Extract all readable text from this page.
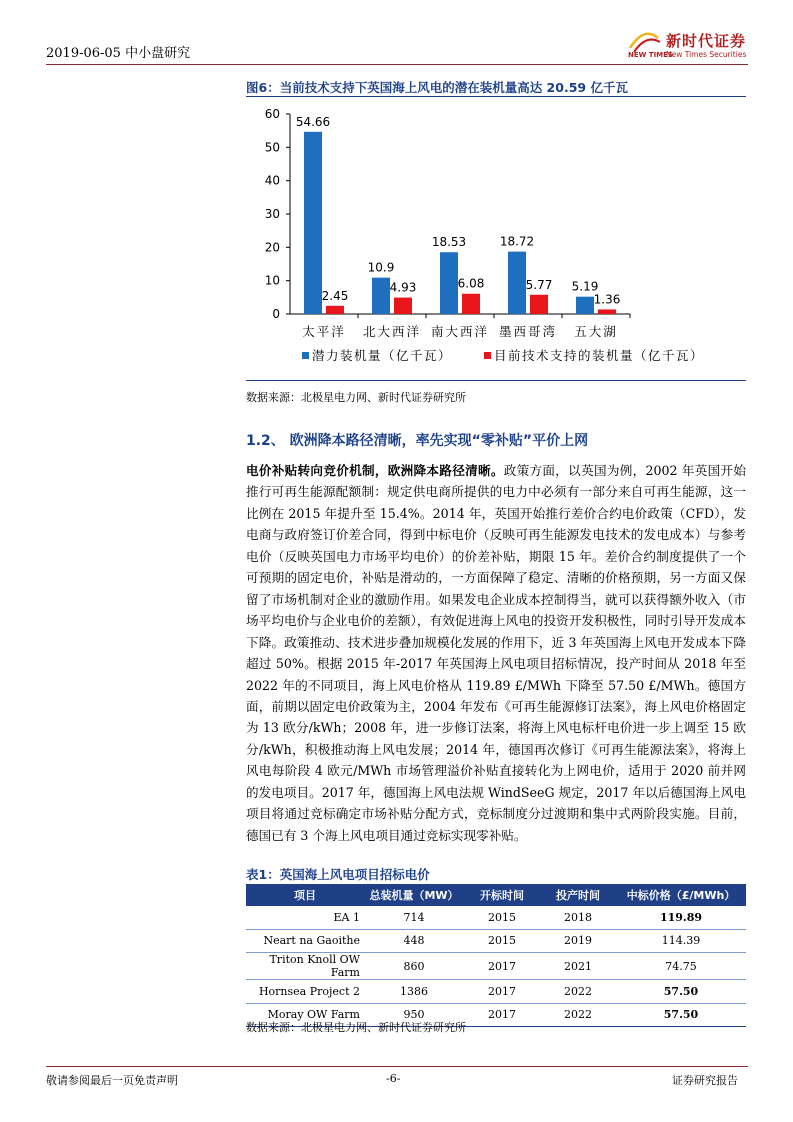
2019-06-05 中小盘研究	NEW TIMES
新时代证券
New Times Securities
图6：当前技术支持下英国海上风电的潜在装机量高达 20.59 亿千瓦
0
10
20
30
40
50
60
54.66
2.45
太平洋
10.9
4.93
北大西洋
18.53
6.08
南大西洋
18.72
5.77
墨西哥湾
5.19
1.36
五大湖
潜力装机量（亿千瓦）	目前技术支持的装机量（亿千瓦）
数据来源：北极星电力网、新时代证券研究所
1.2、 欧洲降本路径清晰，率先实现“零补贴”平价上网
电价补贴转向竞价机制，欧洲降本路径清晰。政策方面，以英国为例，2002 年英国开始推行可再生能源配额制：规定供电商所提供的电力中必须有一部分来自可再生能源，这一比例在 2015 年提升至 15.4%。2014 年，英国开始推行差价合约电价政策（CFD），发电商与政府签订价差合同，得到中标电价（反映可再生能源发电技术的发电成本）与参考电价（反映英国电力市场平均电价）的价差补贴，期限 15 年。差价合约制度提供了一个可预期的固定电价，补贴是滑动的，一方面保障了稳定、清晰的价格预期，另一方面又保留了市场机制对企业的激励作用。如果发电企业成本控制得当，就可以获得额外收入（市场平均电价与企业电价的差额），有效促进海上风电的投资开发积极性，同时引导开发成本下降。政策推动、技术进步叠加规模化发展的作用下，近 3 年英国海上风电开发成本下降超过 50%。根据 2015 年-2017 年英国海上风电项目招标情况，投产时间从 2018 年至 2022 年的不同项目，海上风电价格从 119.89 £/MWh 下降至 57.50 £/MWh。德国方面，前期以固定电价政策为主，2004 年发布《可再生能源修订法案》，海上风电价格固定为 13 欧分/kWh；2008 年，进一步修订法案，将海上风电标杆电价进一步上调至 15 欧分/kWh，积极推动海上风电发展；2014 年，德国再次修订《可再生能源法案》，将海上风电每阶段 4 欧元/MWh 市场管理溢价补贴直接转化为上网电价，适用于 2020 前并网的发电项目。2017 年，德国海上风电法规 WindSeeG 规定，2017 年以后德国海上风电项目将通过竞标确定市场补贴分配方式，竞标制度分过渡期和集中式两阶段实施。目前，德国已有 3 个海上风电项目通过竞标实现零补贴。
表1：英国海上风电项目招标电价
项目	总装机量（MW）	开标时间	投产时间	中标价格（£/MWh）
EA 1	714	2015	2018	119.89
Neart na Gaoithe	448	2015	2019	114.39
Triton Knoll OW Farm	860	2017	2021	74.75
Hornsea Project 2	1386	2017	2022	57.50
Moray OW Farm	950	2017	2022	57.50
数据来源：北极星电力网、新时代证券研究所
敬请参阅最后一页免责声明	-6-	证券研究报告
